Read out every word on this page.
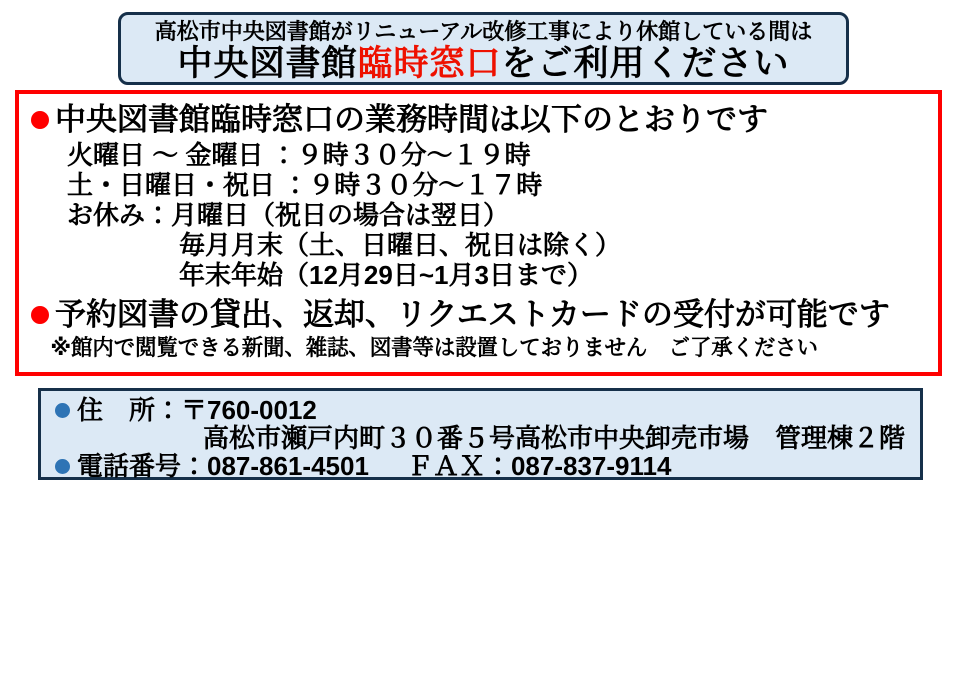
高松市中央図書館がリニューアル改修工事により休館している間は
中央図書館臨時窓口をご利用ください
中央図書館臨時窓口の業務時間は以下のとおりです
火曜日 ～ 金曜日 ：９時３０分～１９時
土・日曜日・祝日 ：９時３０分～１７時
お休み：月曜日（祝日の場合は翌日）
毎月月末（土、日曜日、祝日は除く）
年末年始（12月29日~1月3日まで）
予約図書の貸出、返却、リクエストカードの受付が可能です
※館内で閲覧できる新聞、雑誌、図書等は設置しておりません　ご了承ください
住　所： 〒760-0012
高松市瀬戸内町３０番５号高松市中央卸売市場　管理棟２階
電話番号： 087-861-4501 ＦＡＸ： 087-837-9114
